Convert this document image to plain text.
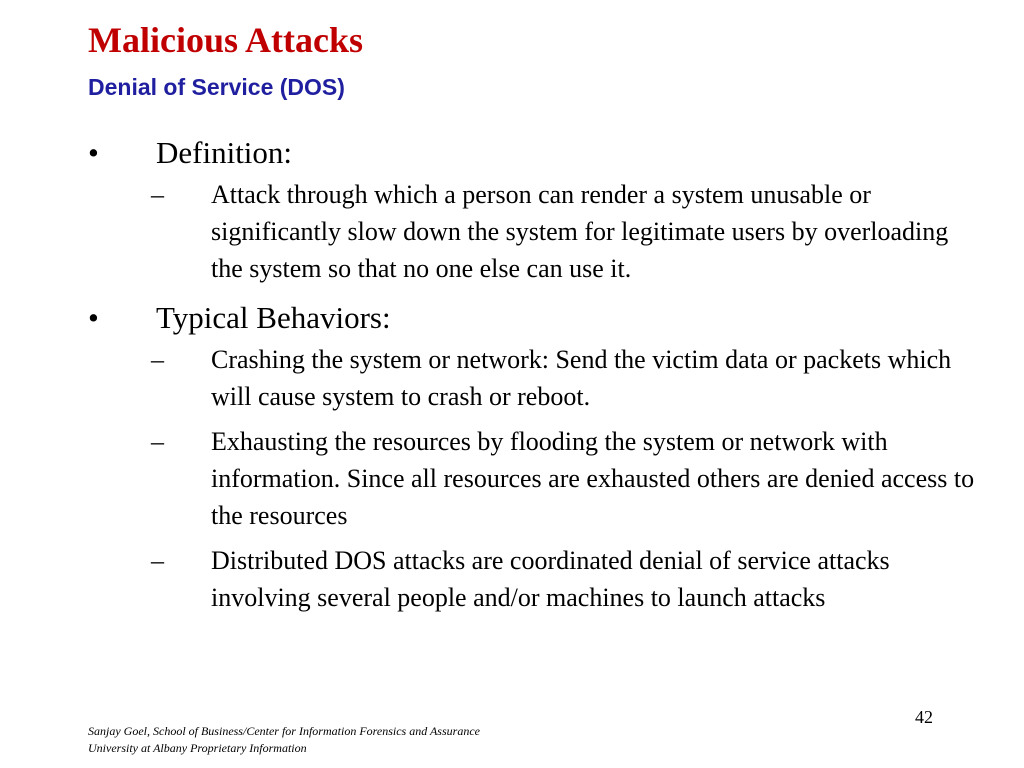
Malicious Attacks
Denial of Service (DOS)
• Definition:
– Attack through which a person can render a system unusable or significantly slow down the system for legitimate users by overloading the system so that no one else can use it.
• Typical Behaviors:
– Crashing the system or network: Send the victim data or packets which will cause system to crash or reboot.
– Exhausting the resources by flooding the system or network with information. Since all resources are exhausted others are denied access to the resources
– Distributed DOS attacks are coordinated denial of service attacks involving several people and/or machines to launch attacks
42
Sanjay Goel, School of Business/Center for Information Forensics and Assurance
University at Albany Proprietary Information
